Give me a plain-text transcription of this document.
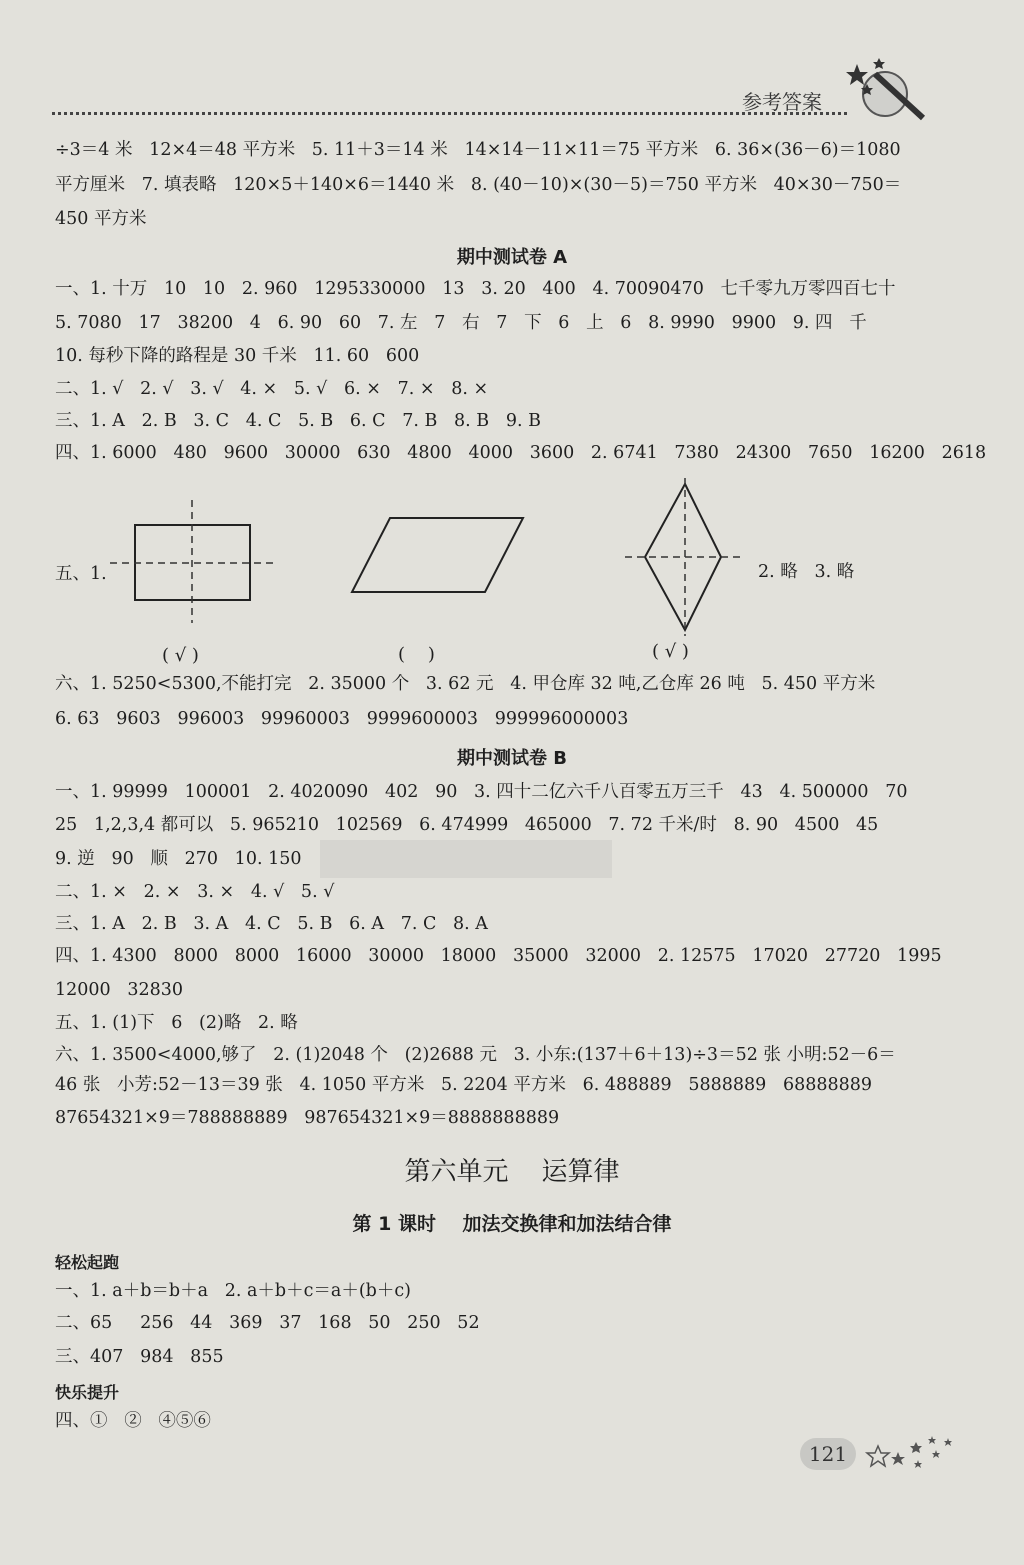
参考答案
÷3＝4 米   12×4＝48 平方米   5. 11＋3＝14 米   14×14－11×11＝75 平方米   6. 36×(36－6)＝1080
平方厘米   7. 填表略   120×5＋140×6＝1440 米   8. (40－10)×(30－5)＝750 平方米   40×30－750＝
450 平方米
期中测试卷 A
一、1. 十万   10   10   2. 960   1295330000   13   3. 20   400   4. 70090470   七千零九万零四百七十
5. 7080   17   38200   4   6. 90   60   7. 左   7   右   7   下   6   上   6   8. 9990   9900   9. 四   千
10. 每秒下降的路程是 30 千米   11. 60   600
二、1. √   2. √   3. √   4. ×   5. √   6. ×   7. ×   8. ×
三、1. A   2. B   3. C   4. C   5. B   6. C   7. B   8. B   9. B
四、1. 6000   480   9600   30000   630   4800   4000   3600   2. 6741   7380   24300   7650   16200   2618
五、1.	2. 略   3. 略
( √ )	(    )	( √ )
六、1. 5250<5300,不能打完   2. 35000 个   3. 62 元   4. 甲仓库 32 吨,乙仓库 26 吨   5. 450 平方米
6. 63   9603   996003   99960003   9999600003   999996000003
期中测试卷 B
一、1. 99999   100001   2. 4020090   402   90   3. 四十二亿六千八百零五万三千   43   4. 500000   70
25   1,2,3,4 都可以   5. 965210   102569   6. 474999   465000   7. 72 千米/时   8. 90   4500   45
9. 逆   90   顺   270   10. 150
二、1. ×   2. ×   3. ×   4. √   5. √
三、1. A   2. B   3. A   4. C   5. B   6. A   7. C   8. A
四、1. 4300   8000   8000   16000   30000   18000   35000   32000   2. 12575   17020   27720   1995
12000   32830
五、1. (1)下   6   (2)略   2. 略
六、1. 3500<4000,够了   2. (1)2048 个   (2)2688 元   3. 小东:(137＋6＋13)÷3＝52 张 小明:52－6＝
46 张   小芳:52－13＝39 张   4. 1050 平方米   5. 2204 平方米   6. 488889   5888889   68888889
87654321×9＝788888889   987654321×9＝8888888889
第六单元    运算律
第 1 课时    加法交换律和加法结合律
轻松起跑
一、1. a＋b＝b＋a   2. a＋b＋c＝a＋(b＋c)
二、65     256   44   369   37   168   50   250   52
三、407   984   855
快乐提升
四、①   ②   ④⑤⑥
121
